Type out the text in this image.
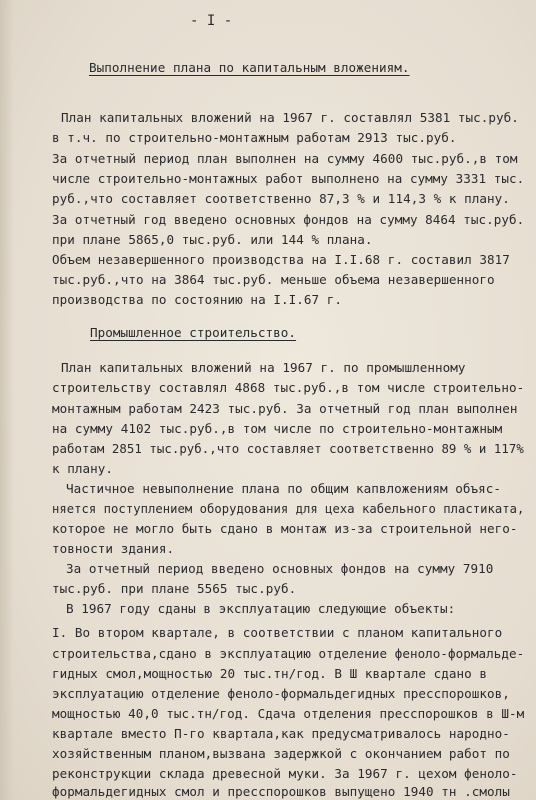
- I -
Выполнение плана по капитальным вложениям.
План капитальных вложений на 1967 г. составлял 5381 тыс.руб.
в т.ч. по строительно-монтажным работам 2913 тыс.руб.
За отчетный период план выполнен на сумму 4600 тыс.руб.,в том
числе строительно-монтажных работ выполнено на сумму 3331 тыс.
руб.,что составляет соответственно 87,3 % и 114,3 % к плану.
За отчетный год введено основных фондов на сумму 8464 тыс.руб.
при плане 5865,0 тыс.руб. или 144 % плана.
Объем незавершенного производства на I.I.68 г. составил 3817
тыс.руб.,что на 3864 тыс.руб. меньше объема незавершенного
производства по состоянию на I.I.67 г.
Промышленное строительство.
План капитальных вложений на 1967 г. по промышленному
строительству составлял 4868 тыс.руб.,в том числе строительно-
монтажным работам 2423 тыс.руб. За отчетный год план выполнен
на сумму 4102 тыс.руб.,в том числе по строительно-монтажным
работам 2851 тыс.руб.,что составляет соответственно 89 % и 117%
к плану.
Частичное невыполнение плана по общим капвложениям объяс-
няется поступлением оборудования для цеха кабельного пластиката,
которое не могло быть сдано в монтаж из-за строительной него-
товности здания.
За отчетный период введено основных фондов на сумму 7910
тыс.руб. при плане 5565 тыс.руб.
В 1967 году сданы в эксплуатацию следующие объекты:
I. Во втором квартале, в соответствии с планом капитального
строительства,сдано в эксплуатацию отделение феноло-формальде-
гидных смол,мощностью 20 тыс.тн/год. В Ш квартале сдано в
эксплуатацию отделение феноло-формальдегидных пресспорошков,
мощностью 40,0 тыс.тн/год. Сдача отделения пресспорошков в Ш-м
квартале вместо П-го квартала,как предусматривалось народно-
хозяйственным планом,вызвана задержкой с окончанием работ по
реконструкции склада древесной муки. За 1967 г. цехом феноло-
формальдегидных смол и пресспорошков выпущено 1940 тн .смолы
